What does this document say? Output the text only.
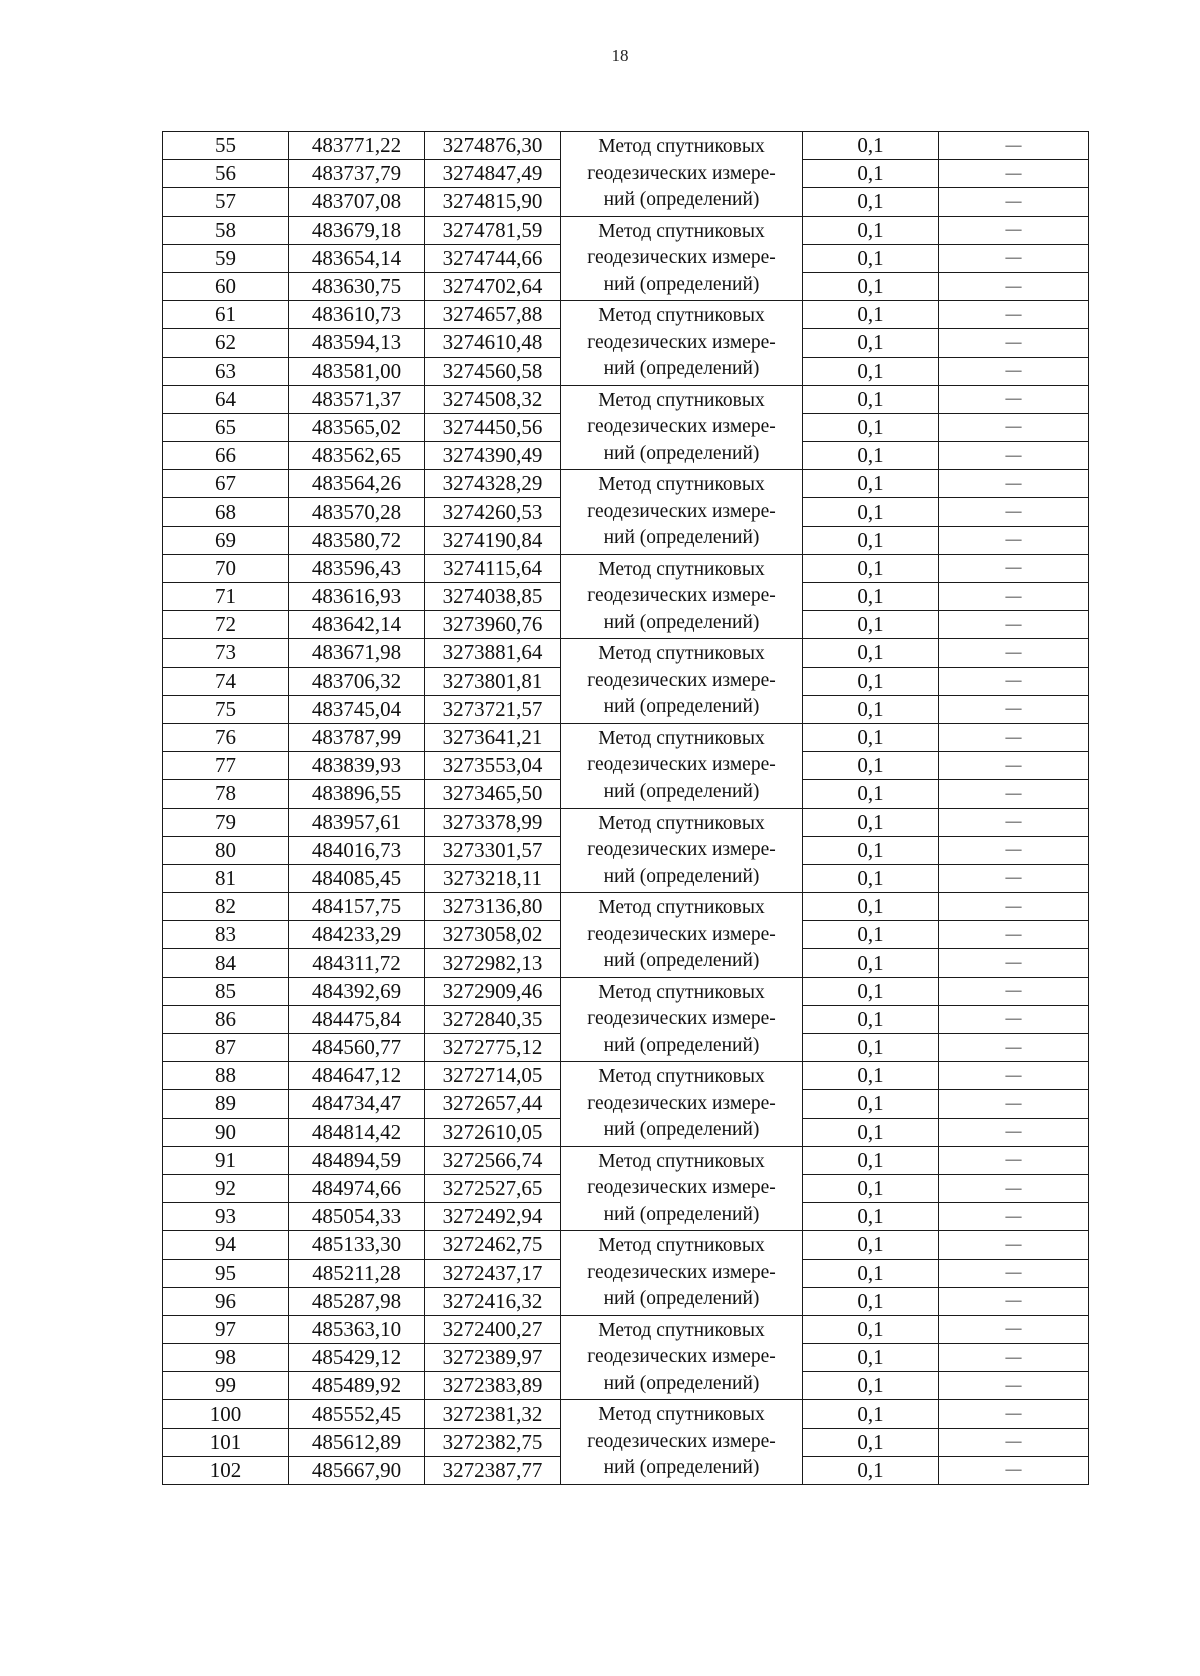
18
55	483771,22	3274876,30	Метод спутниковых
геодезических измере-
ний (определений)	0,1	—
56	483737,79	3274847,49		0,1	—
57	483707,08	3274815,90		0,1	—
58	483679,18	3274781,59	Метод спутниковых
геодезических измере-
ний (определений)	0,1	—
59	483654,14	3274744,66		0,1	—
60	483630,75	3274702,64		0,1	—
61	483610,73	3274657,88	Метод спутниковых
геодезических измере-
ний (определений)	0,1	—
62	483594,13	3274610,48		0,1	—
63	483581,00	3274560,58		0,1	—
64	483571,37	3274508,32	Метод спутниковых
геодезических измере-
ний (определений)	0,1	—
65	483565,02	3274450,56		0,1	—
66	483562,65	3274390,49		0,1	—
67	483564,26	3274328,29	Метод спутниковых
геодезических измере-
ний (определений)	0,1	—
68	483570,28	3274260,53		0,1	—
69	483580,72	3274190,84		0,1	—
70	483596,43	3274115,64	Метод спутниковых
геодезических измере-
ний (определений)	0,1	—
71	483616,93	3274038,85		0,1	—
72	483642,14	3273960,76		0,1	—
73	483671,98	3273881,64	Метод спутниковых
геодезических измере-
ний (определений)	0,1	—
74	483706,32	3273801,81		0,1	—
75	483745,04	3273721,57		0,1	—
76	483787,99	3273641,21	Метод спутниковых
геодезических измере-
ний (определений)	0,1	—
77	483839,93	3273553,04		0,1	—
78	483896,55	3273465,50		0,1	—
79	483957,61	3273378,99	Метод спутниковых
геодезических измере-
ний (определений)	0,1	—
80	484016,73	3273301,57		0,1	—
81	484085,45	3273218,11		0,1	—
82	484157,75	3273136,80	Метод спутниковых
геодезических измере-
ний (определений)	0,1	—
83	484233,29	3273058,02		0,1	—
84	484311,72	3272982,13		0,1	—
85	484392,69	3272909,46	Метод спутниковых
геодезических измере-
ний (определений)	0,1	—
86	484475,84	3272840,35		0,1	—
87	484560,77	3272775,12		0,1	—
88	484647,12	3272714,05	Метод спутниковых
геодезических измере-
ний (определений)	0,1	—
89	484734,47	3272657,44		0,1	—
90	484814,42	3272610,05		0,1	—
91	484894,59	3272566,74	Метод спутниковых
геодезических измере-
ний (определений)	0,1	—
92	484974,66	3272527,65		0,1	—
93	485054,33	3272492,94		0,1	—
94	485133,30	3272462,75	Метод спутниковых
геодезических измере-
ний (определений)	0,1	—
95	485211,28	3272437,17		0,1	—
96	485287,98	3272416,32		0,1	—
97	485363,10	3272400,27	Метод спутниковых
геодезических измере-
ний (определений)	0,1	—
98	485429,12	3272389,97		0,1	—
99	485489,92	3272383,89		0,1	—
100	485552,45	3272381,32	Метод спутниковых
геодезических измере-
ний (определений)	0,1	—
101	485612,89	3272382,75		0,1	—
102	485667,90	3272387,77		0,1	—
